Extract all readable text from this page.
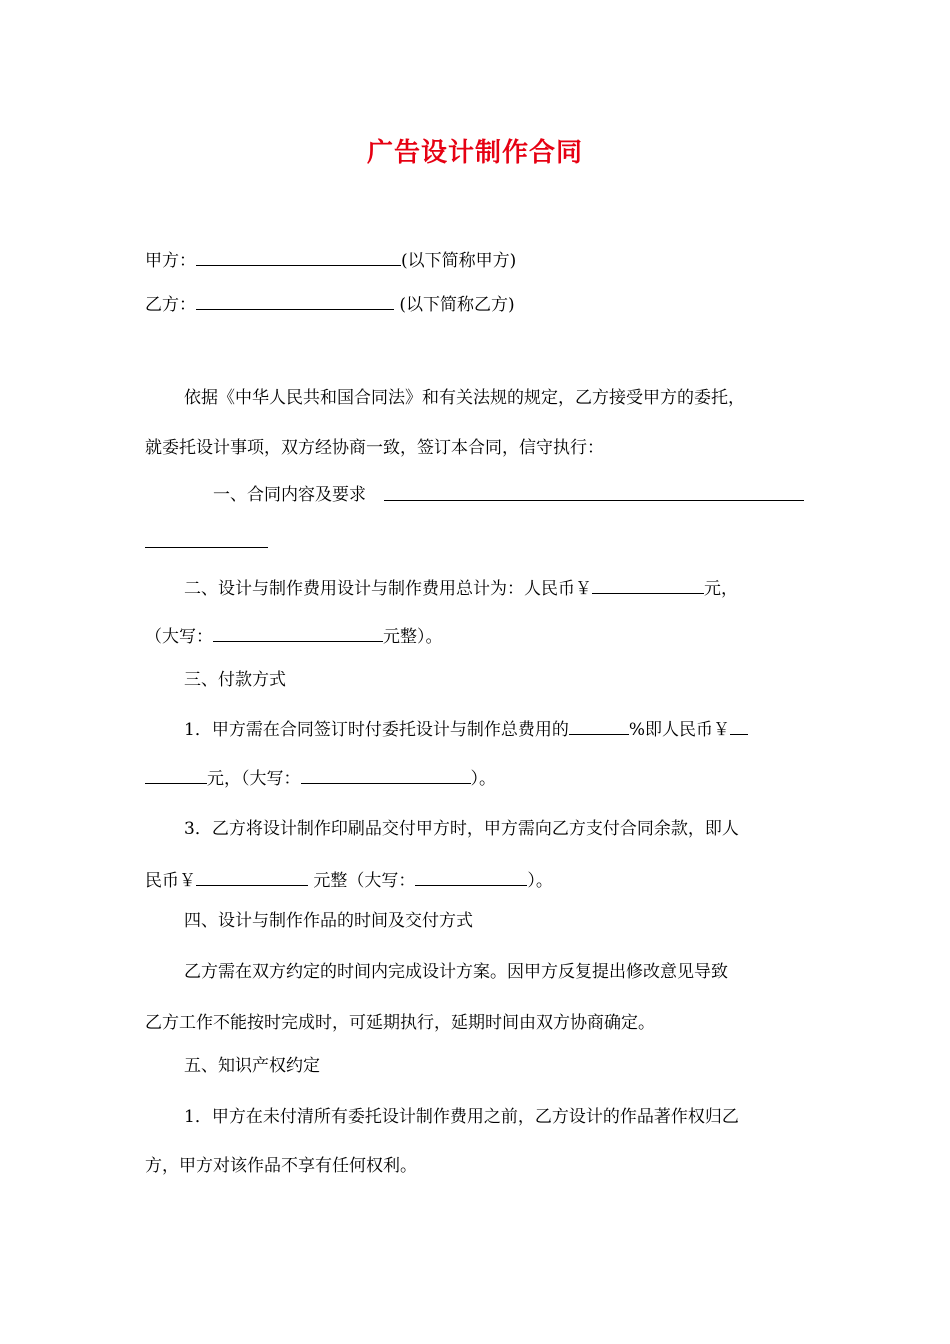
广告设计制作合同
甲方：	(以下简称甲方)
乙方：	(以下简称乙方)
依据《中华人民共和国合同法》和有关法规的规定，乙方接受甲方的委托，
就委托设计事项，双方经协商一致，签订本合同，信守执行：
一、合同内容及要求
二、设计与制作费用设计与制作费用总计为：人民币￥	元，
（大写：	元整）。
三、付款方式
1．甲方需在合同签订时付委托设计与制作总费用的	%即人民币￥
元，（大写：	）。
3．乙方将设计制作印刷品交付甲方时，甲方需向乙方支付合同余款，即人
民币￥	元整（大写：	）。
四、设计与制作作品的时间及交付方式
乙方需在双方约定的时间内完成设计方案。因甲方反复提出修改意见导致
乙方工作不能按时完成时，可延期执行，延期时间由双方协商确定。
五、知识产权约定
1．甲方在未付清所有委托设计制作费用之前，乙方设计的作品著作权归乙
方，甲方对该作品不享有任何权利。
